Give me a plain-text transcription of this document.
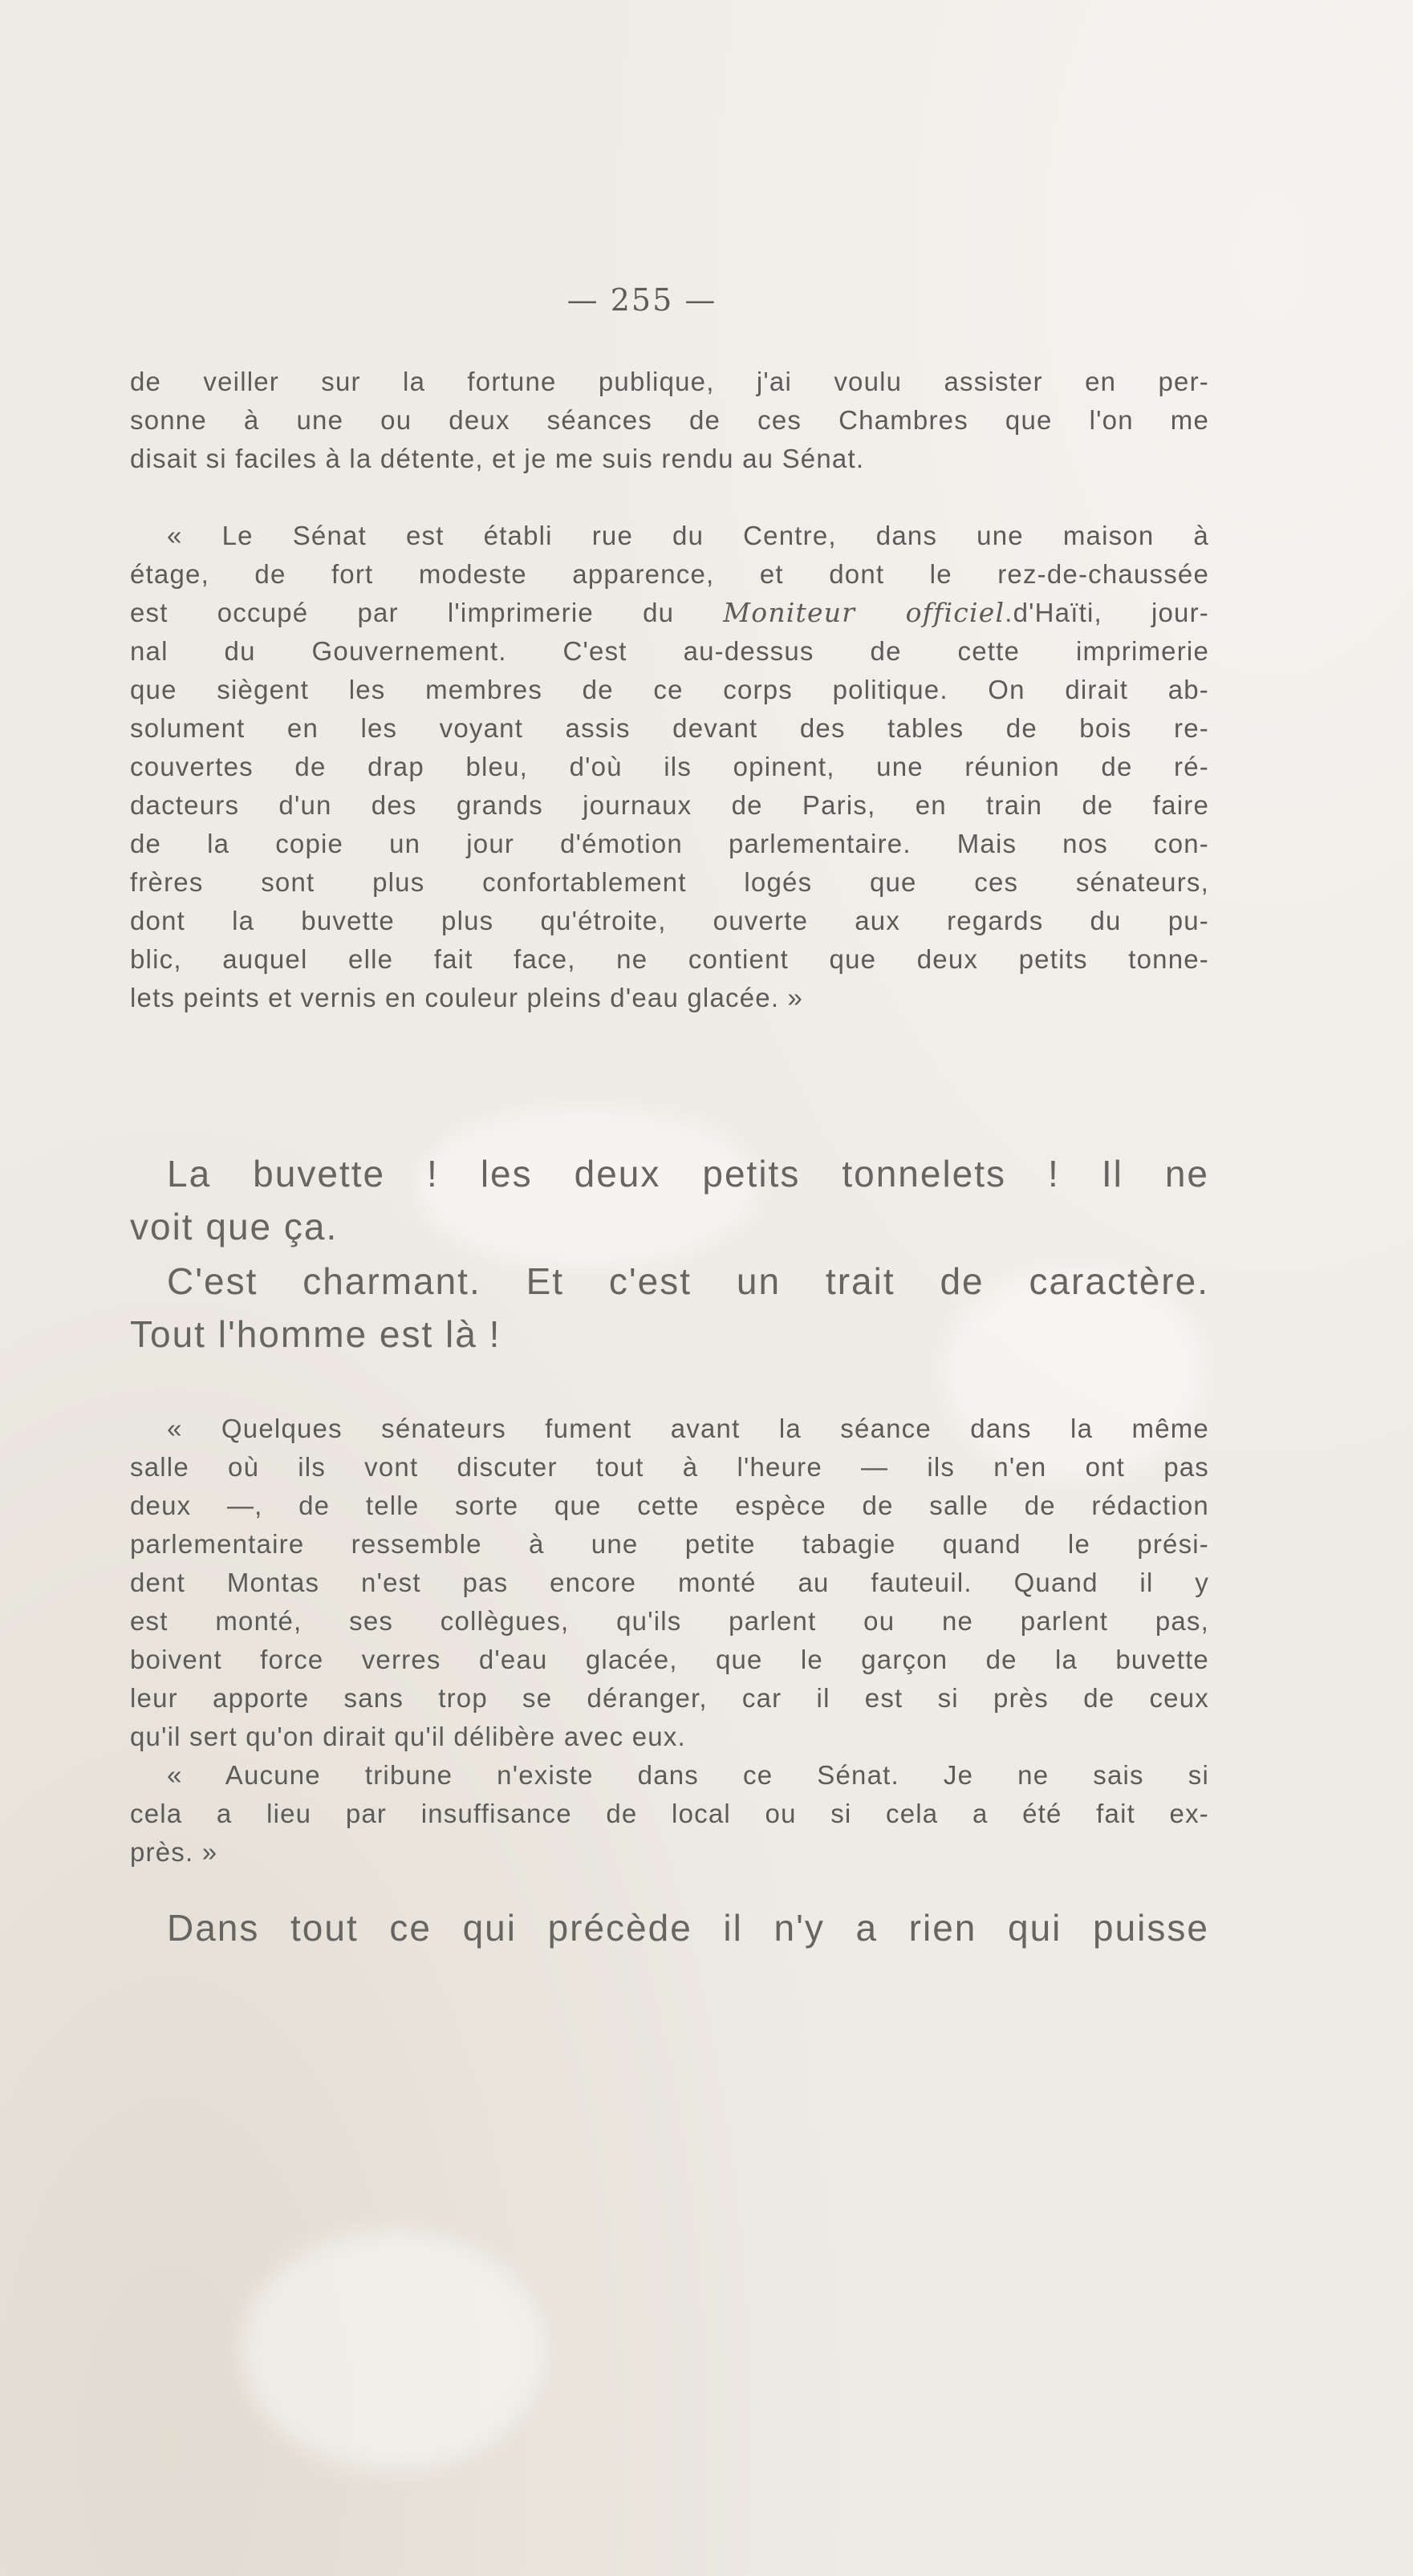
— 255 —
de veiller sur la fortune publique, j'ai voulu assister en per-
sonne à une ou deux séances de ces Chambres que l'on me
disait si faciles à la détente, et je me suis rendu au Sénat.
« Le Sénat est établi rue du Centre, dans une maison à
étage, de fort modeste apparence, et dont le rez-de-chaussée
est occupé par l'imprimerie du Moniteur officiel.d'Haïti, jour-
nal du Gouvernement. C'est au-dessus de cette imprimerie
que siègent les membres de ce corps politique. On dirait ab-
solument en les voyant assis devant des tables de bois re-
couvertes de drap bleu, d'où ils opinent, une réunion de ré-
dacteurs d'un des grands journaux de Paris, en train de faire
de la copie un jour d'émotion parlementaire. Mais nos con-
frères sont plus confortablement logés que ces sénateurs,
dont la buvette plus qu'étroite, ouverte aux regards du pu-
blic, auquel elle fait face, ne contient que deux petits tonne-
lets peints et vernis en couleur pleins d'eau glacée. »
La buvette ! les deux petits tonnelets ! Il ne
voit que ça.
C'est charmant. Et c'est un trait de caractère.
Tout l'homme est là !
« Quelques sénateurs fument avant la séance dans la même
salle où ils vont discuter tout à l'heure — ils n'en ont pas
deux —, de telle sorte que cette espèce de salle de rédaction
parlementaire ressemble à une petite tabagie quand le prési-
dent Montas n'est pas encore monté au fauteuil. Quand il y
est monté, ses collègues, qu'ils parlent ou ne parlent pas,
boivent force verres d'eau glacée, que le garçon de la buvette
leur apporte sans trop se déranger, car il est si près de ceux
qu'il sert qu'on dirait qu'il délibère avec eux.
« Aucune tribune n'existe dans ce Sénat. Je ne sais si
cela a lieu par insuffisance de local ou si cela a été fait ex-
près. »
Dans tout ce qui précède il n'y a rien qui puisse
